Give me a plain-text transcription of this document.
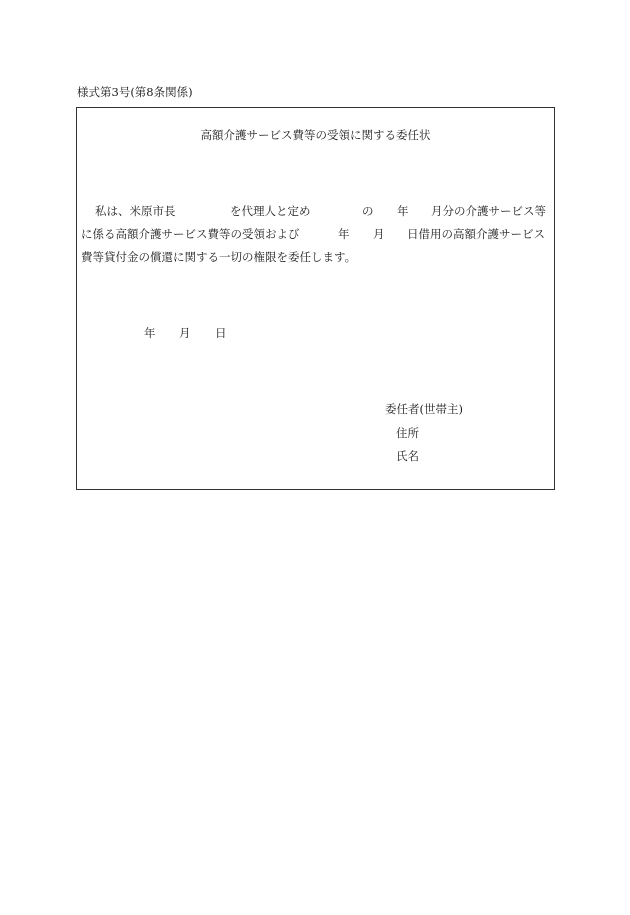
様式第3号(第8条関係)
高額介護サービス費等の受領に関する委任状
私は、米原市長	を代理人と定め	の 年 月分の介護サービス等
に係る高額介護サービス費等の受領および	年 月 日借用の高額介護サービス
費等貸付金の償還に関する一切の権限を委任します。
年 月 日
委任者(世帯主)
住所
氏名
